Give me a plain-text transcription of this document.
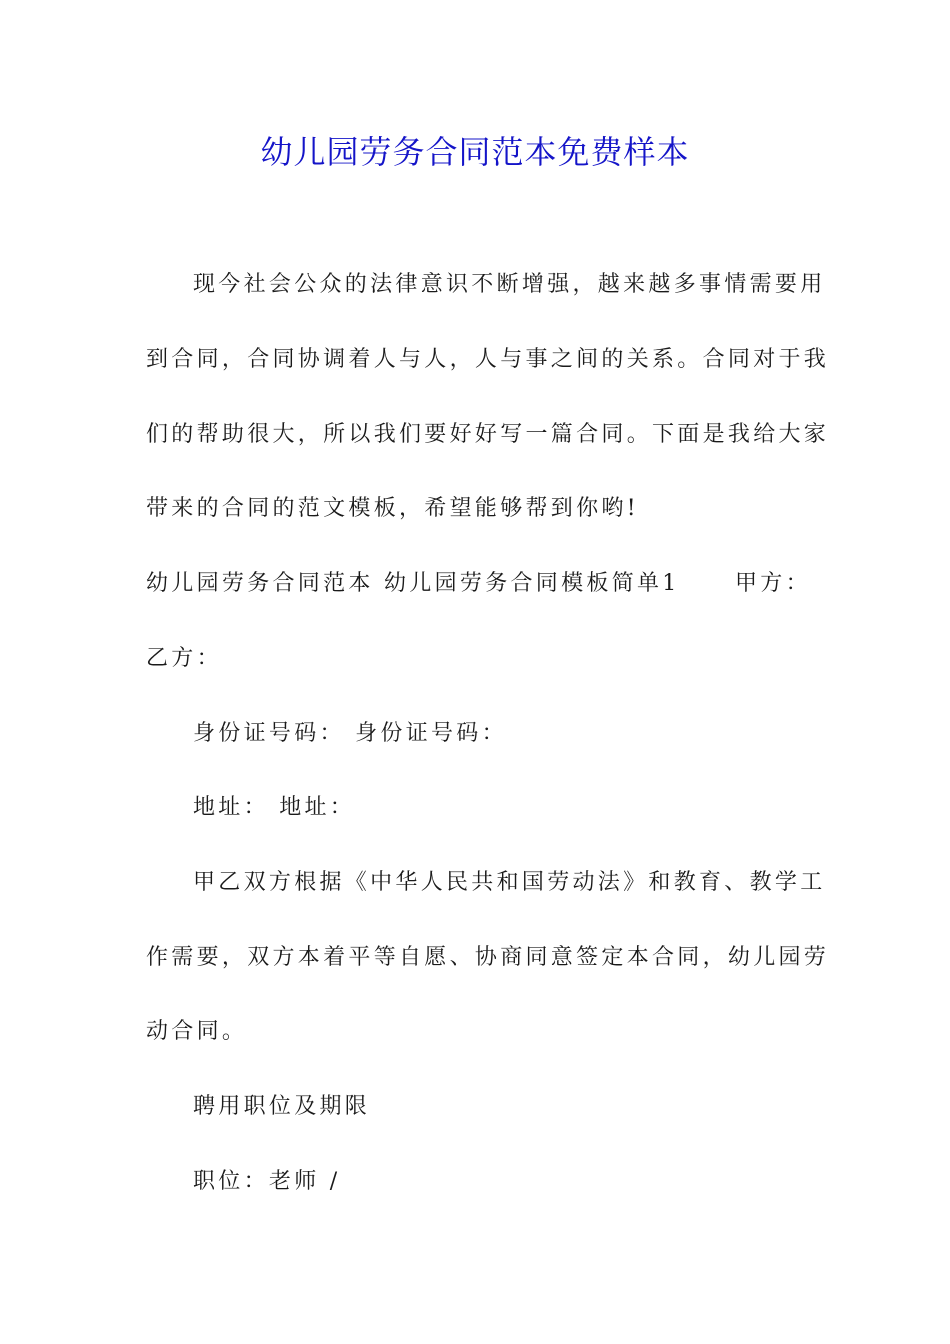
幼儿园劳务合同范本免费样本

现今社会公众的法律意识不断增强，越来越多事情需要用

到合同，合同协调着人与人，人与事之间的关系。合同对于我

们的帮助很大，所以我们要好好写一篇合同。下面是我给大家

带来的合同的范文模板，希望能够帮到你哟!

幼儿园劳务合同范本 幼儿园劳务合同模板简单1	甲方：

乙方：

身份证号码： 身份证号码：

地址： 地址：

甲乙双方根据《中华人民共和国劳动法》和教育、教学工

作需要，双方本着平等自愿、协商同意签定本合同，幼儿园劳

动合同。

聘用职位及期限

职位：老师 /
